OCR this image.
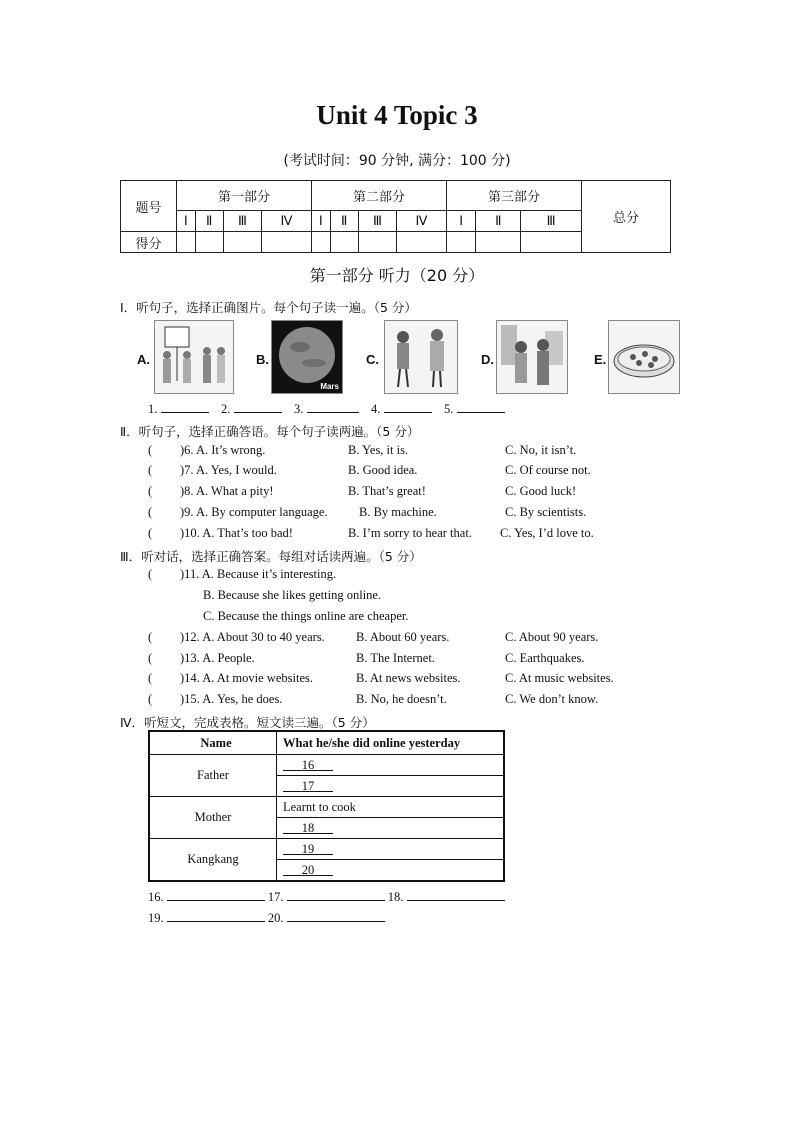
Unit 4 Topic 3
(考试时间：90 分钟, 满分：100 分)
题号	第一部分				第二部分				第三部分			总分
	Ⅰ	Ⅱ	Ⅲ	Ⅳ	Ⅰ	Ⅱ	Ⅲ	Ⅳ	Ⅰ	Ⅱ	Ⅲ	
得分												
第一部分 听力（20 分）
Ⅰ．听句子，选择正确图片。每个句子读一遍。（5 分）
A.	B.
Mars
C.	D.	E.
1.	2.	3.	4.	5.
Ⅱ．听句子，选择正确答语。每个句子读两遍。（5 分）
( )6. A. It’s wrong.	B. Yes, it is.	C. No, it isn’t.
( )7. A. Yes, I would.	B. Good idea.	C. Of course not.
( )8. A. What a pity!	B. That’s great!	C. Good luck!
( )9. A. By computer language.	B. By machine.	C. By scientists.
( )10. A. That’s too bad!	B. I’m sorry to hear that. C. Yes, I’d love to.
Ⅲ．听对话，选择正确答案。每组对话读两遍。（5 分）
( )11. A. Because it’s interesting.
B. Because she likes getting online.
C. Because the things online are cheaper.
( )12. A. About 30 to 40 years. B. About 60 years.	C. About 90 years.
( )13. A. People.	B. The Internet.	C. Earthquakes.
( )14. A. At movie websites.	B. At news websites.	C. At music websites.
( )15. A. Yes, he does.	B. No, he doesn’t.	C. We don’t know.
Ⅳ．听短文，完成表格。短文读三遍。（5 分）
Name	What he/she did online yesterday
Father	16
	17
Mother	Learnt to cook
	18
Kangkang	19
	20
16.	17.	18.
19.	20.
